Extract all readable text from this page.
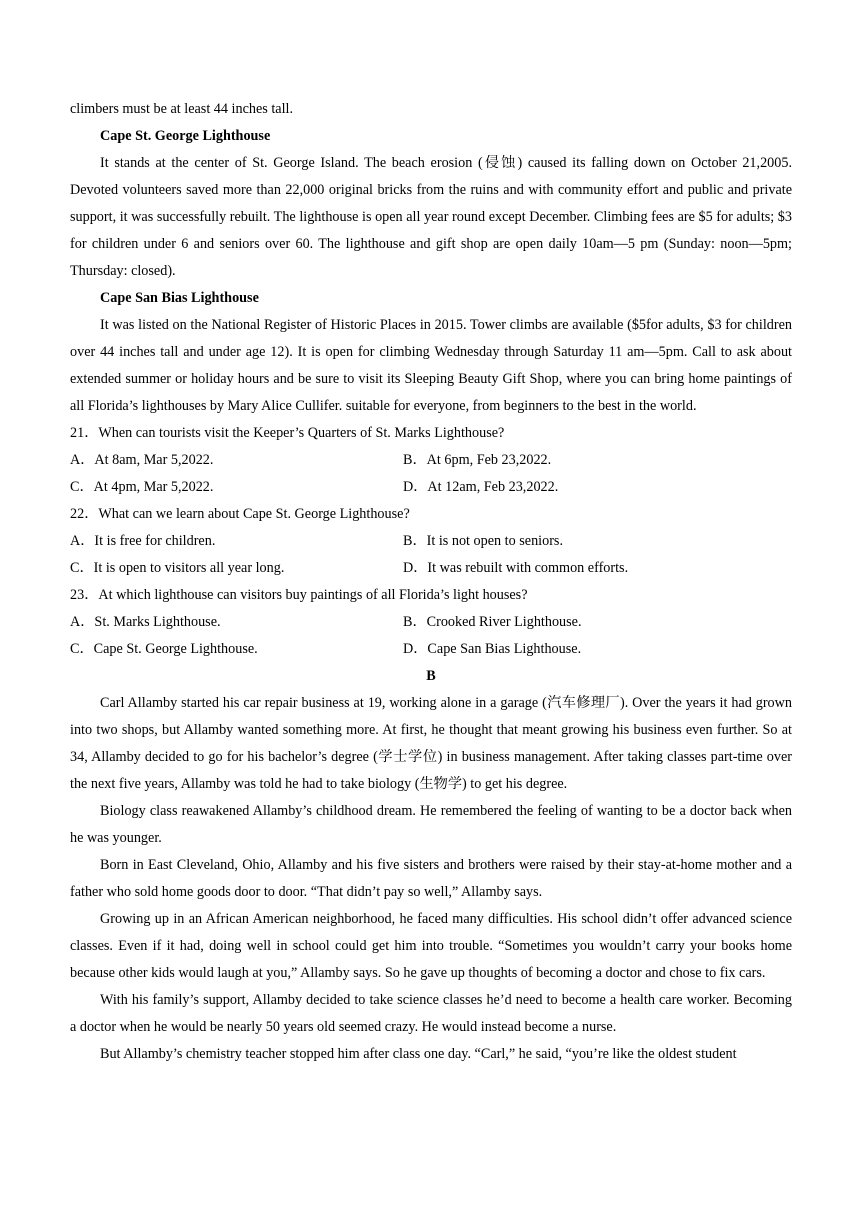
climbers must be at least 44 inches tall.

Cape St. George Lighthouse

It stands at the center of St. George Island. The beach erosion (侵蚀) caused its falling down on October 21,2005. Devoted volunteers saved more than 22,000 original bricks from the ruins and with community effort and public and private support, it was successfully rebuilt. The lighthouse is open all year round except December. Climbing fees are $5 for adults; $3 for children under 6 and seniors over 60. The lighthouse and gift shop are open daily 10am—5 pm (Sunday: noon—5pm; Thursday: closed).

Cape San Bias Lighthouse

It was listed on the National Register of Historic Places in 2015. Tower climbs are available ($5for adults, $3 for children over 44 inches tall and under age 12). It is open for climbing Wednesday through Saturday 11 am—5pm. Call to ask about extended summer or holiday hours and be sure to visit its Sleeping Beauty Gift Shop, where you can bring home paintings of all Florida’s lighthouses by Mary Alice Cullifer. suitable for everyone, from beginners to the best in the world.

21．When can tourists visit the Keeper’s Quarters of St. Marks Lighthouse?

A．At 8am, Mar 5,2022.	B．At 6pm, Feb 23,2022.
C．At 4pm, Mar 5,2022.	D．At 12am, Feb 23,2022.

22．What can we learn about Cape St. George Lighthouse?

A．It is free for children.	B．It is not open to seniors.
C．It is open to visitors all year long.	D．It was rebuilt with common efforts.

23．At which lighthouse can visitors buy paintings of all Florida’s light houses?

A．St. Marks Lighthouse.	B．Crooked River Lighthouse.
C．Cape St. George Lighthouse.	D．Cape San Bias Lighthouse.

B

Carl Allamby started his car repair business at 19, working alone in a garage (汽车修理厂). Over the years it had grown into two shops, but Allamby wanted something more. At first, he thought that meant growing his business even further. So at 34, Allamby decided to go for his bachelor’s degree (学士学位) in business management. After taking classes part-time over the next five years, Allamby was told he had to take biology (生物学) to get his degree.

Biology class reawakened Allamby’s childhood dream. He remembered the feeling of wanting to be a doctor back when he was younger.

Born in East Cleveland, Ohio, Allamby and his five sisters and brothers were raised by their stay-at-home mother and a father who sold home goods door to door. “That didn’t pay so well,” Allamby says.

Growing up in an African American neighborhood, he faced many difficulties. His school didn’t offer advanced science classes. Even if it had, doing well in school could get him into trouble. “Sometimes you wouldn’t carry your books home because other kids would laugh at you,” Allamby says. So he gave up thoughts of becoming a doctor and chose to fix cars.

With his family’s support, Allamby decided to take science classes he’d need to become a health care worker. Becoming a doctor when he would be nearly 50 years old seemed crazy. He would instead become a nurse.

But Allamby’s chemistry teacher stopped him after class one day. “Carl,” he said, “you’re like the oldest student
